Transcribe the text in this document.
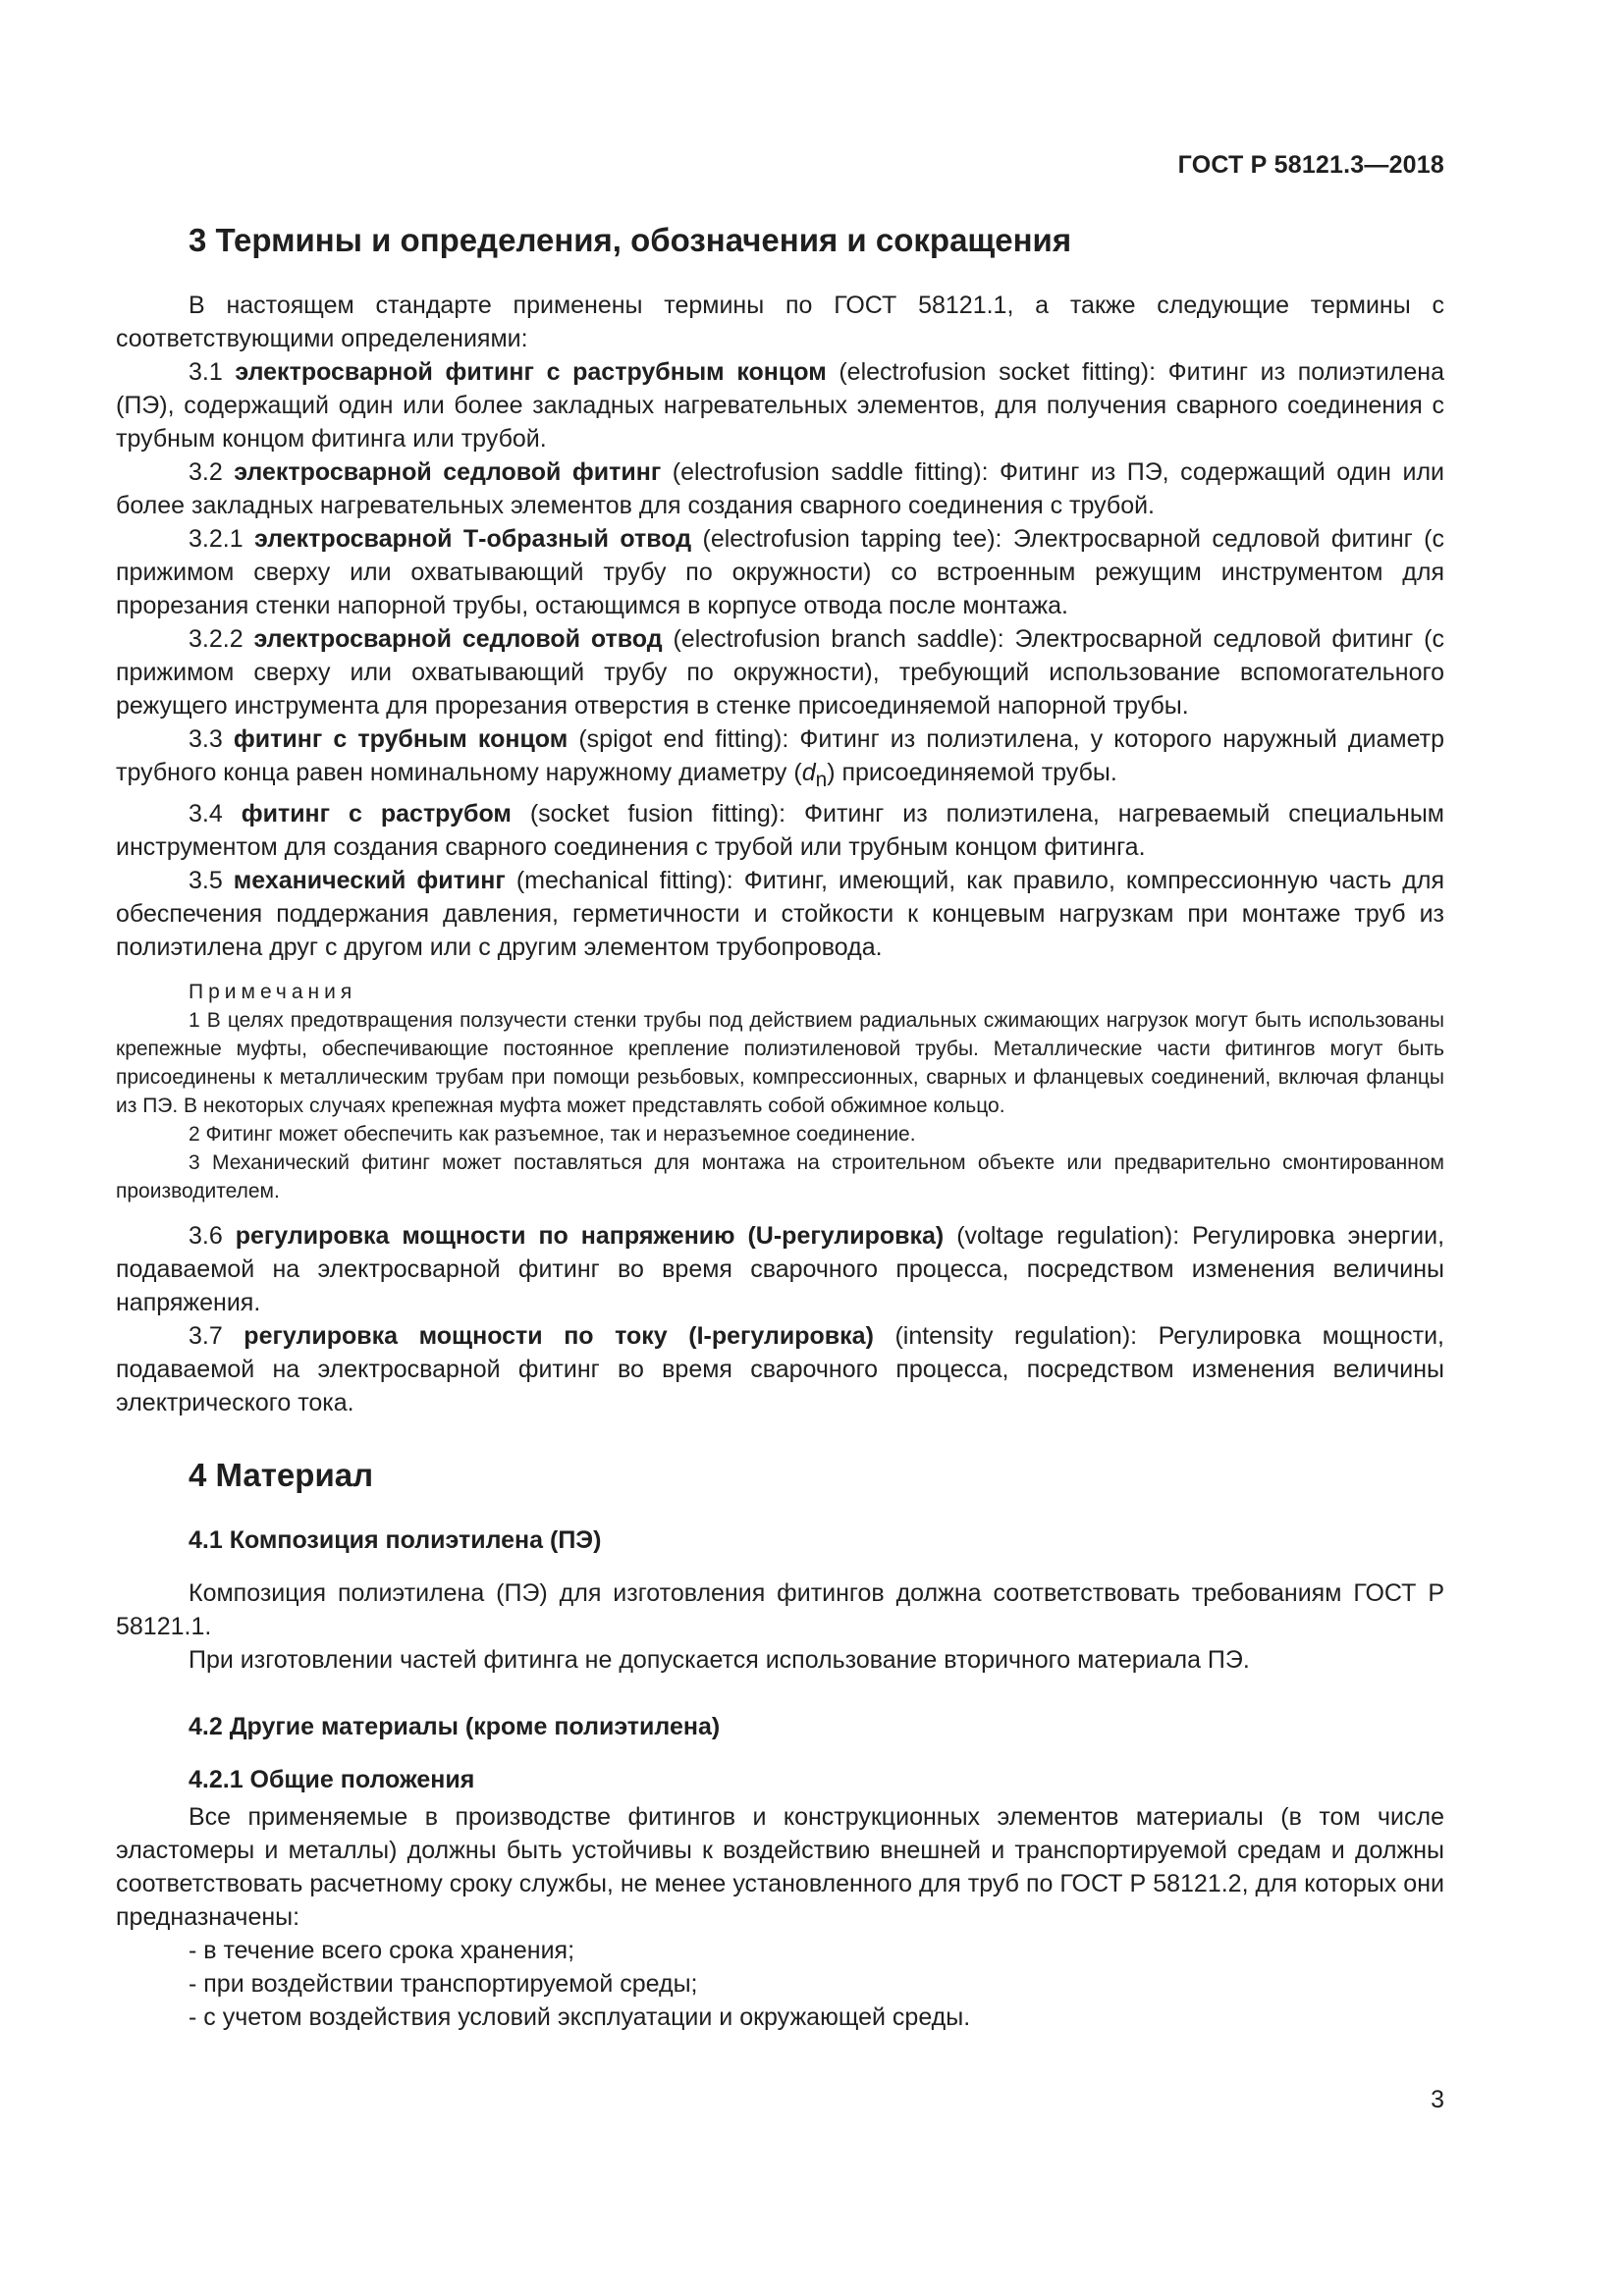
ГОСТ Р 58121.3—2018
3 Термины и определения, обозначения и сокращения

В настоящем стандарте применены термины по ГОСТ 58121.1, а также следующие термины с соответствующими определениями:

3.1 электросварной фитинг с раструбным концом (electrofusion socket fitting): Фитинг из полиэтилена (ПЭ), содержащий один или более закладных нагревательных элементов, для получения сварного соединения с трубным концом фитинга или трубой.

3.2 электросварной седловой фитинг (electrofusion saddle fitting): Фитинг из ПЭ, содержащий один или более закладных нагревательных элементов для создания сварного соединения с трубой.

3.2.1 электросварной Т-образный отвод (electrofusion tapping tee): Электросварной седловой фитинг (с прижимом сверху или охватывающий трубу по окружности) со встроенным режущим инструментом для прорезания стенки напорной трубы, остающимся в корпусе отвода после монтажа.

3.2.2 электросварной седловой отвод (electrofusion branch saddle): Электросварной седловой фитинг (с прижимом сверху или охватывающий трубу по окружности), требующий использование вспомогательного режущего инструмента для прорезания отверстия в стенке присоединяемой напорной трубы.

3.3 фитинг с трубным концом (spigot end fitting): Фитинг из полиэтилена, у которого наружный диаметр трубного конца равен номинальному наружному диаметру $(d_n)$ присоединяемой трубы.

3.4 фитинг с раструбом (socket fusion fitting): Фитинг из полиэтилена, нагреваемый специальным инструментом для создания сварного соединения с трубой или трубным концом фитинга.

3.5 механический фитинг (mechanical fitting): Фитинг, имеющий, как правило, компрессионную часть для обеспечения поддержания давления, герметичности и стойкости к концевым нагрузкам при монтаже труб из полиэтилена друг с другом или с другим элементом трубопровода.

Примечания

1 В целях предотвращения ползучести стенки трубы под действием радиальных сжимающих нагрузок могут быть использованы крепежные муфты, обеспечивающие постоянное крепление полиэтиленовой трубы. Металлические части фитингов могут быть присоединены к металлическим трубам при помощи резьбовых, компрессионных, сварных и фланцевых соединений, включая фланцы из ПЭ. В некоторых случаях крепежная муфта может представлять собой обжимное кольцо.

2 Фитинг может обеспечить как разъемное, так и неразъемное соединение.

3 Механический фитинг может поставляться для монтажа на строительном объекте или предварительно смонтированном производителем.

3.6 регулировка мощности по напряжению (U-регулировка) (voltage regulation): Регулировка энергии, подаваемой на электросварной фитинг во время сварочного процесса, посредством изменения величины напряжения.

3.7 регулировка мощности по току (I-регулировка) (intensity regulation): Регулировка мощности, подаваемой на электросварной фитинг во время сварочного процесса, посредством изменения величины электрического тока.

4 Материал
4.1 Композиция полиэтилена (ПЭ)

Композиция полиэтилена (ПЭ) для изготовления фитингов должна соответствовать требованиям ГОСТ Р 58121.1.

При изготовлении частей фитинга не допускается использование вторичного материала ПЭ.

4.2 Другие материалы (кроме полиэтилена)
4.2.1 Общие положения

Все применяемые в производстве фитингов и конструкционных элементов материалы (в том числе эластомеры и металлы) должны быть устойчивы к воздействию внешней и транспортируемой средам и должны соответствовать расчетному сроку службы, не менее установленного для труб по ГОСТ Р 58121.2, для которых они предназначены:

- в течение всего срока хранения;
- при воздействии транспортируемой среды;
- с учетом воздействия условий эксплуатации и окружающей среды.
3
